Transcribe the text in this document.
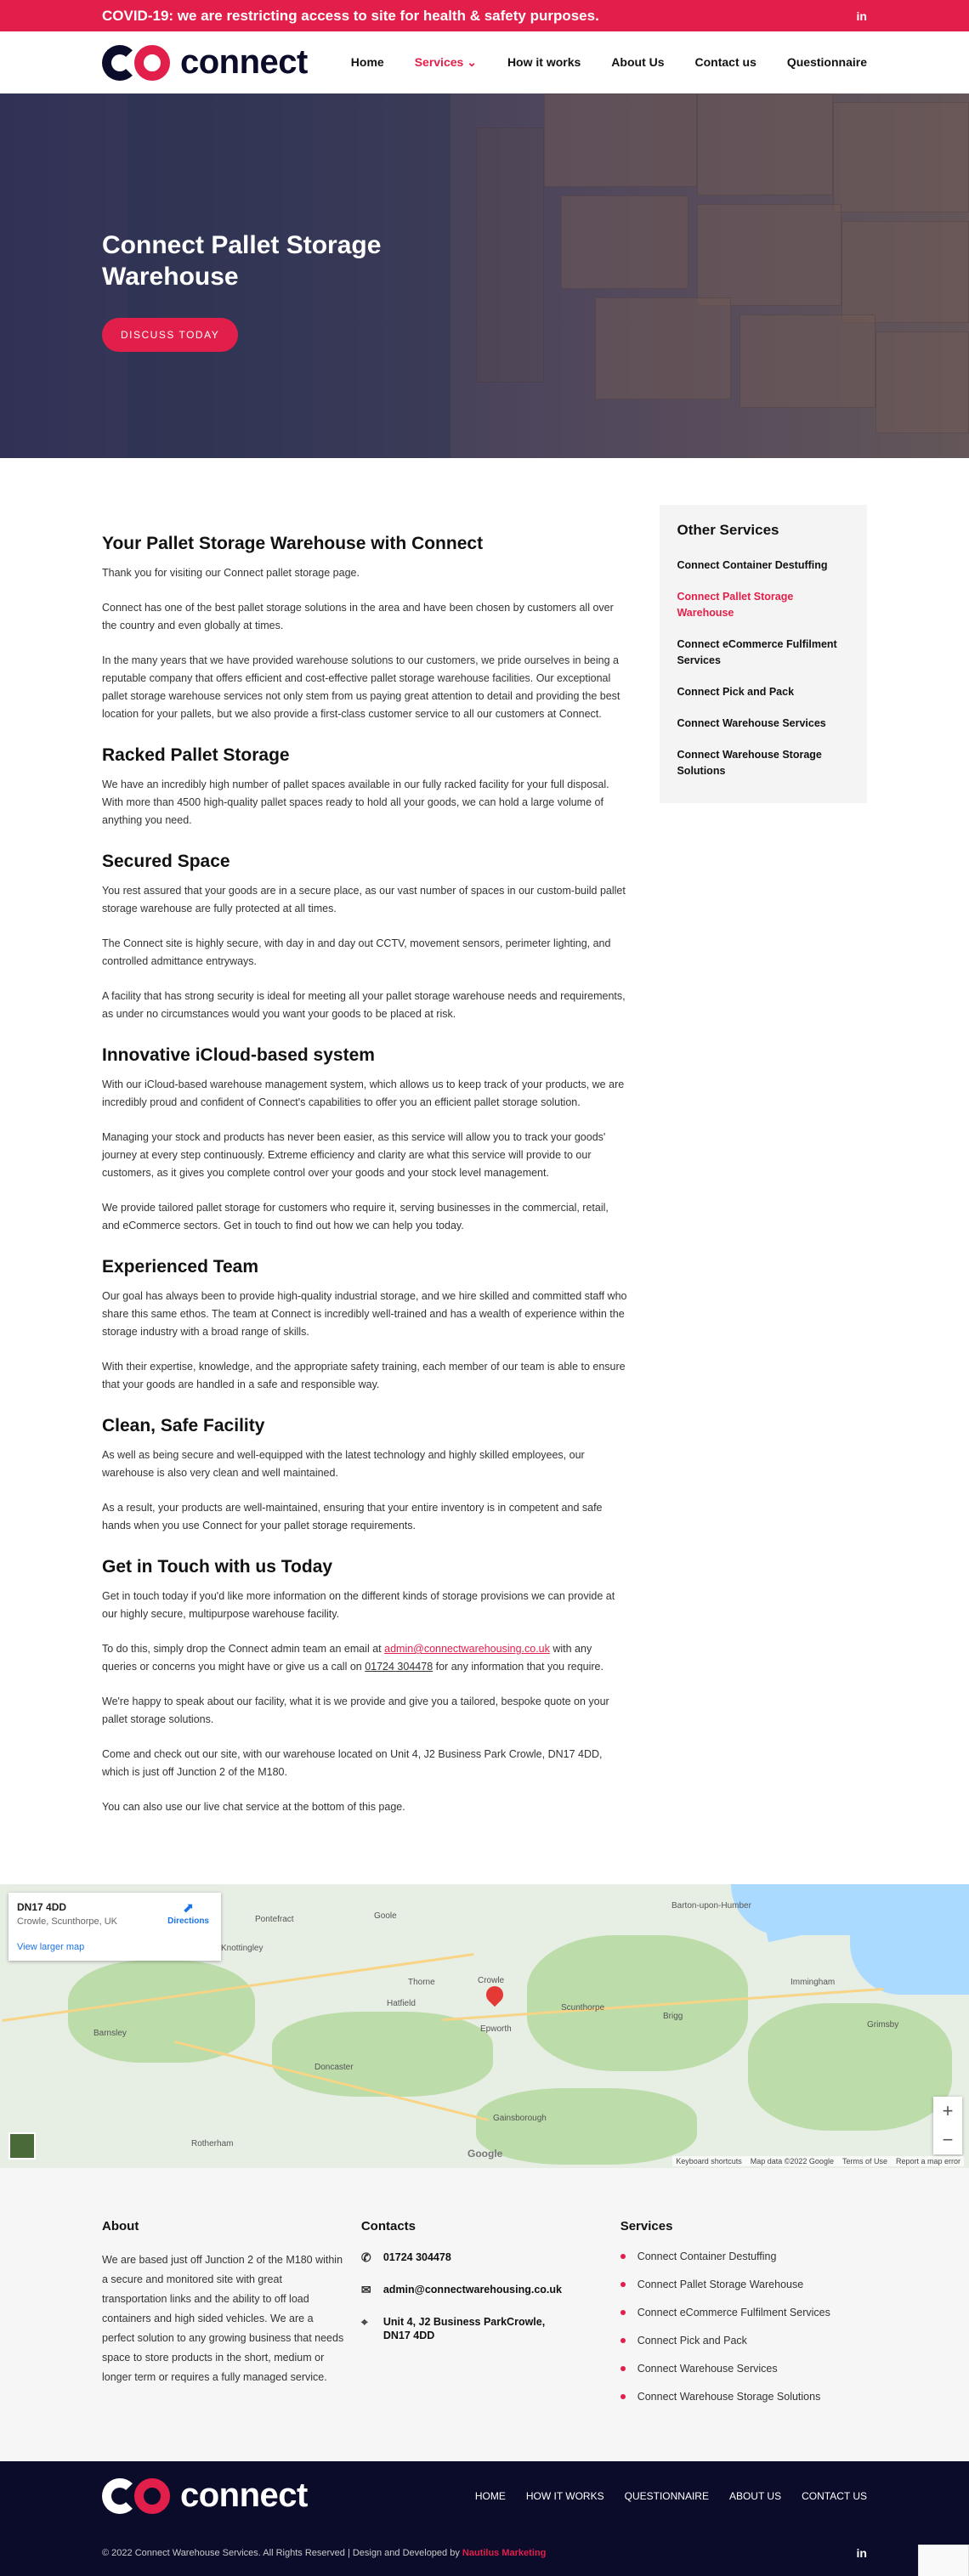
COVID-19: we are restricting access to site for health & safety purposes.	in
connect	Home	Services ⌄	How it works	About Us	Contact us	Questionnaire
Connect Pallet Storage Warehouse
DISCUSS TODAY
Your Pallet Storage Warehouse with Connect

Thank you for visiting our Connect pallet storage page.

Connect has one of the best pallet storage solutions in the area and have been chosen by customers all over the country and even globally at times.

In the many years that we have provided warehouse solutions to our customers, we pride ourselves in being a reputable company that offers efficient and cost-effective pallet storage warehouse facilities. Our exceptional pallet storage warehouse services not only stem from us paying great attention to detail and providing the best location for your pallets, but we also provide a first-class customer service to all our customers at Connect.

Racked Pallet Storage

We have an incredibly high number of pallet spaces available in our fully racked facility for your full disposal. With more than 4500 high-quality pallet spaces ready to hold all your goods, we can hold a large volume of anything you need.

Secured Space

You rest assured that your goods are in a secure place, as our vast number of spaces in our custom-build pallet storage warehouse are fully protected at all times.

The Connect site is highly secure, with day in and day out CCTV, movement sensors, perimeter lighting, and controlled admittance entryways.

A facility that has strong security is ideal for meeting all your pallet storage warehouse needs and requirements, as under no circumstances would you want your goods to be placed at risk.

Innovative iCloud-based system

With our iCloud-based warehouse management system, which allows us to keep track of your products, we are incredibly proud and confident of Connect's capabilities to offer you an efficient pallet storage solution.

Managing your stock and products has never been easier, as this service will allow you to track your goods' journey at every step continuously. Extreme efficiency and clarity are what this service will provide to our customers, as it gives you complete control over your goods and your stock level management.

We provide tailored pallet storage for customers who require it, serving businesses in the commercial, retail, and eCommerce sectors. Get in touch to find out how we can help you today.

Experienced Team

Our goal has always been to provide high-quality industrial storage, and we hire skilled and committed staff who share this same ethos. The team at Connect is incredibly well-trained and has a wealth of experience within the storage industry with a broad range of skills.

With their expertise, knowledge, and the appropriate safety training, each member of our team is able to ensure that your goods are handled in a safe and responsible way.

Clean, Safe Facility

As well as being secure and well-equipped with the latest technology and highly skilled employees, our warehouse is also very clean and well maintained.

As a result, your products are well-maintained, ensuring that your entire inventory is in competent and safe hands when you use Connect for your pallet storage requirements.

Get in Touch with us Today

Get in touch today if you'd like more information on the different kinds of storage provisions we can provide at our highly secure, multipurpose warehouse facility.

To do this, simply drop the Connect admin team an email at admin@connectwarehousing.co.uk with any queries or concerns you might have or give us a call on 01724 304478 for any information that you require.

We're happy to speak about our facility, what it is we provide and give you a tailored, bespoke quote on your pallet storage solutions.

Come and check out our site, with our warehouse located on Unit 4, J2 Business Park Crowle, DN17 4DD, which is just off Junction 2 of the M180.

You can also use our live chat service at the bottom of this page.

Other Services
Connect Container Destuffing
Connect Pallet Storage Warehouse
Connect eCommerce Fulfilment Services
Connect Pick and Pack
Connect Warehouse Services
Connect Warehouse Storage Solutions
Pontefract
Knottingley
Goole
Thorne	Crowle
Scunthorpe
Brigg
Barnsley
Doncaster
Rotherham
Gainsborough
Grimsby
Hatfield
Epworth
Barton-upon-Humber
Immingham
DN17 4DD
Crowle, Scunthorpe, UK
View larger map
⬈
Directions
Google
+
−
Keyboard shortcuts Map data ©2022 Google Terms of Use Report a map error
About

We are based just off Junction 2 of the M180 within a secure and monitored site with great transportation links and the ability to off load containers and high sided vehicles. We are a perfect solution to any growing business that needs space to store products in the short, medium or longer term or requires a fully managed service.

Contacts
✆	01724 304478
✉	admin@connectwarehousing.co.uk
⌖	Unit 4, J2 Business ParkCrowle, DN17 4DD
Services
Connect Container Destuffing
Connect Pallet Storage Warehouse
Connect eCommerce Fulfilment Services
Connect Pick and Pack
Connect Warehouse Services
Connect Warehouse Storage Solutions
connect	HOME HOW IT WORKS QUESTIONNAIRE ABOUT US CONTACT US
© 2022 Connect Warehouse Services. All Rights Reserved | Design and Developed by Nautilus Marketing	in
